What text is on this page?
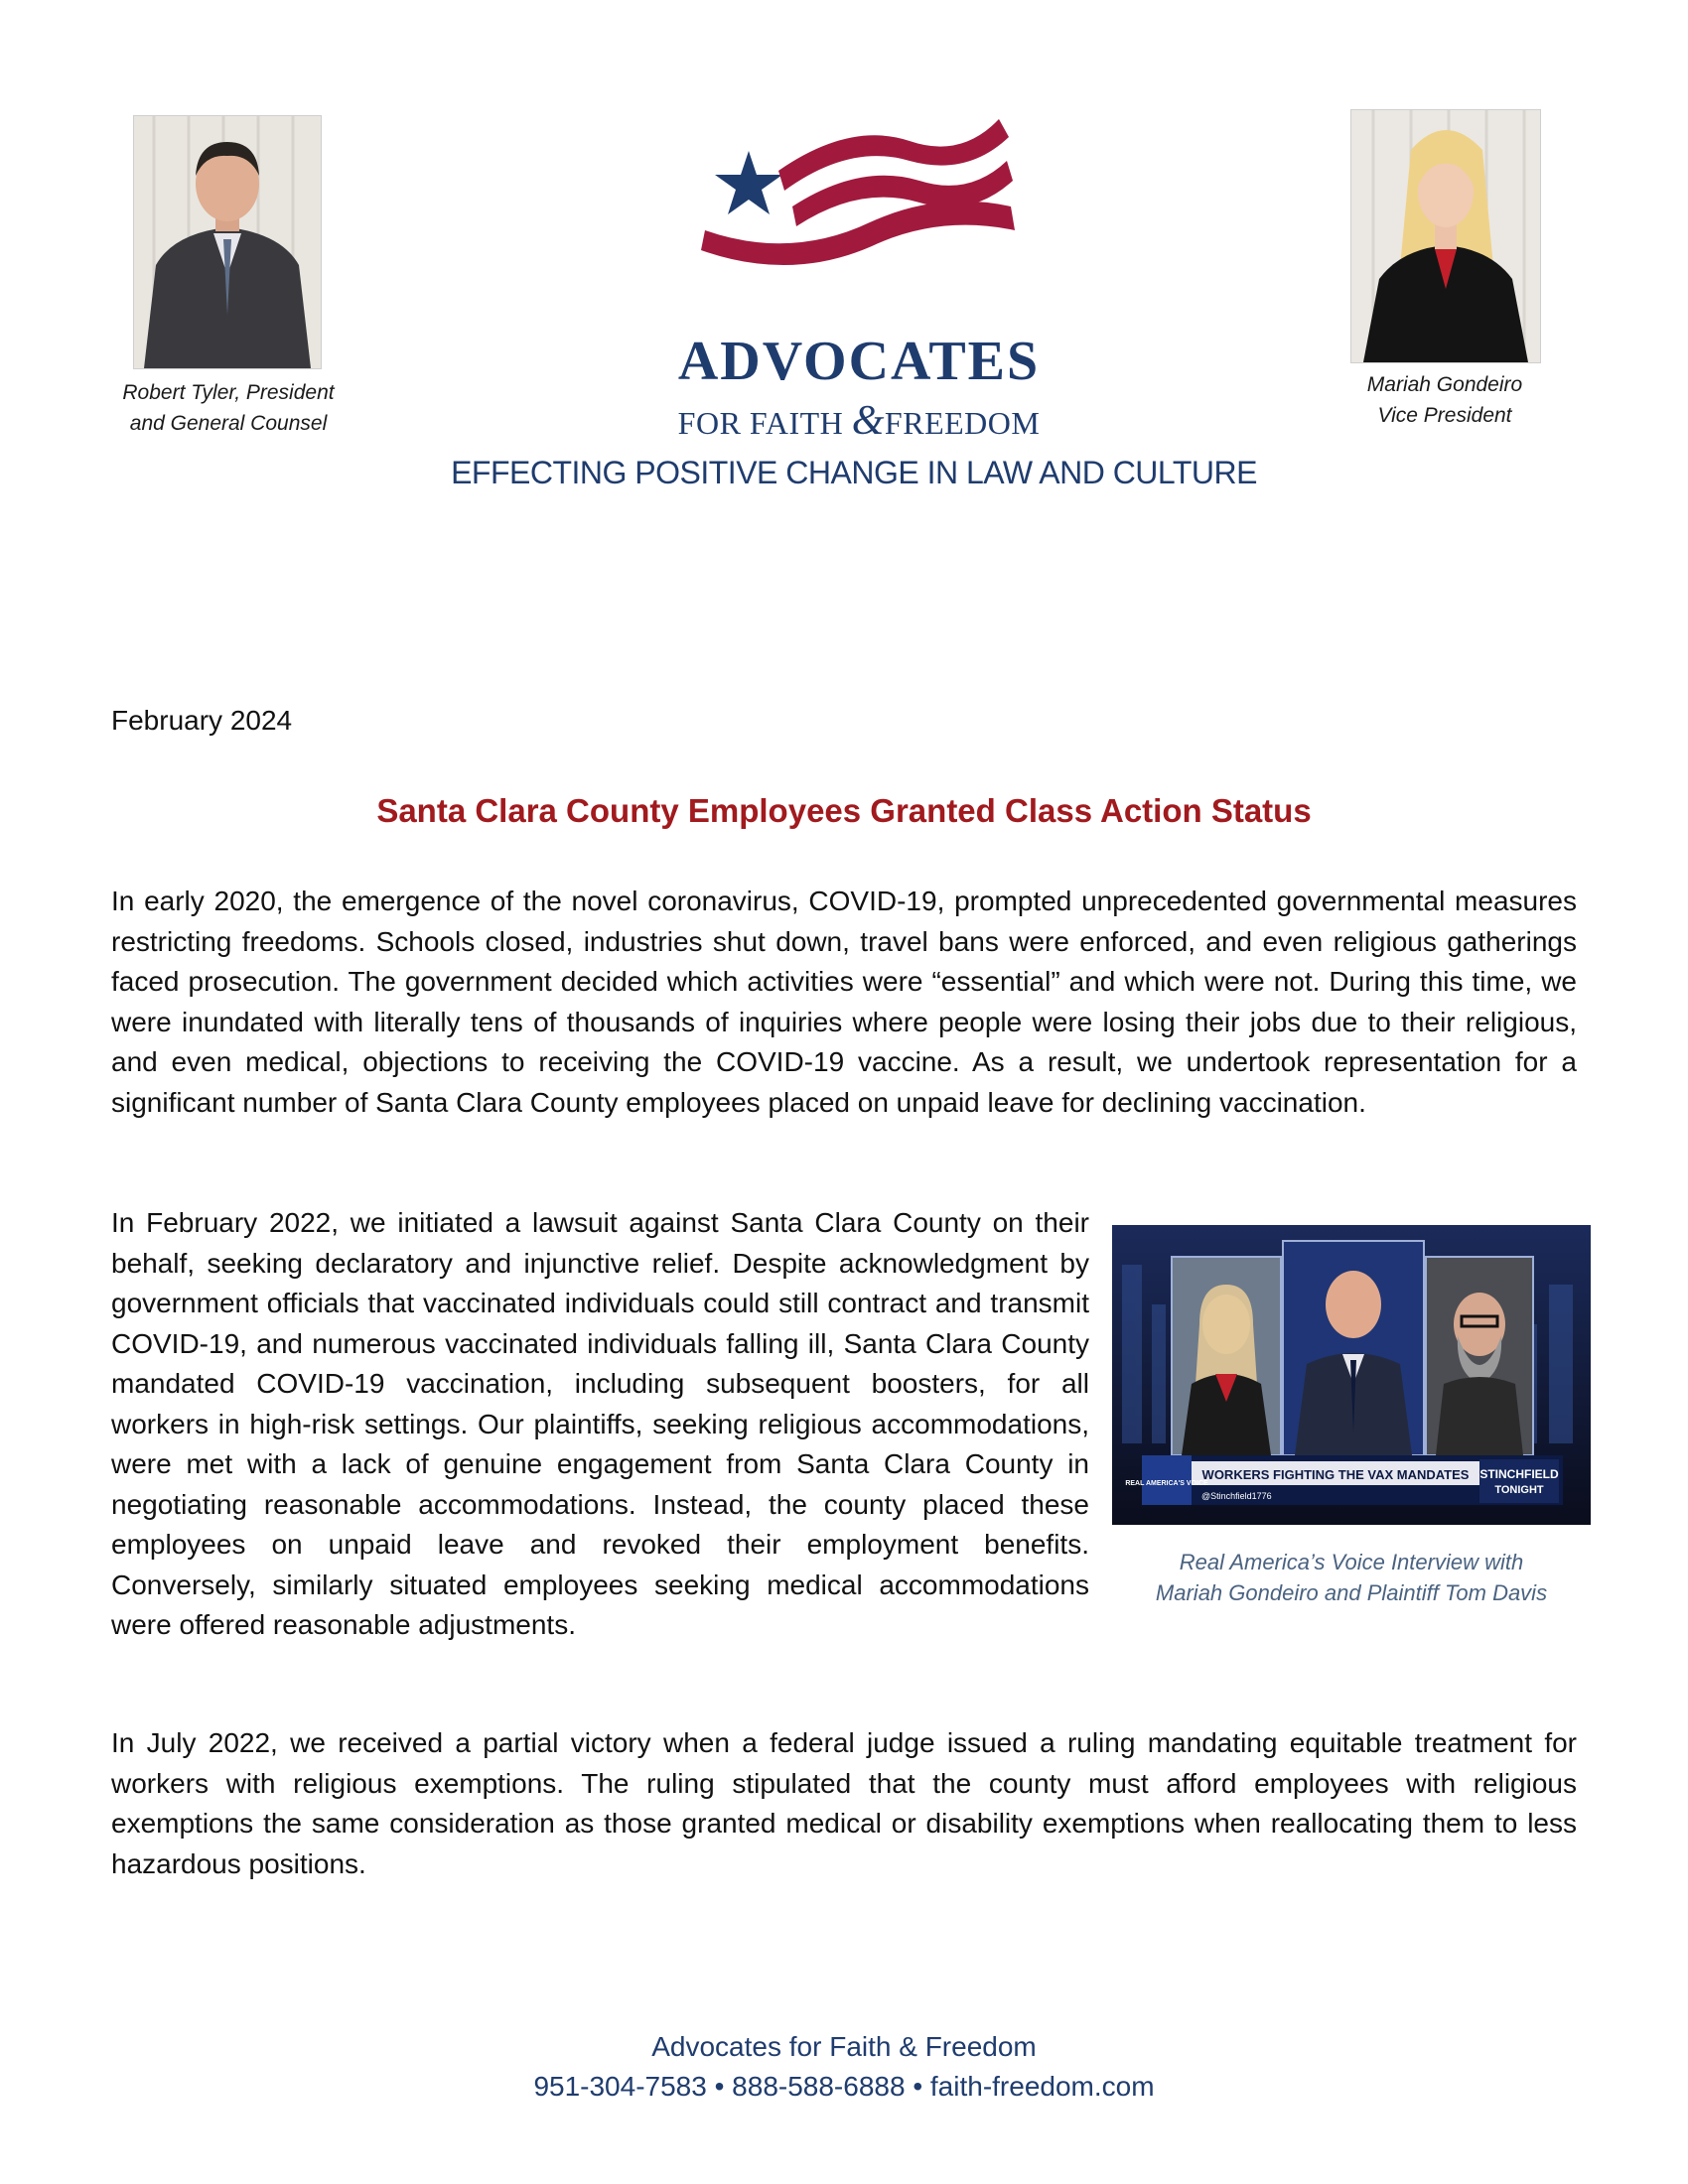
Robert Tyler, President
and General Counsel
ADVOCATES
FOR FAITH &FREEDOM
EFFECTING POSITIVE CHANGE IN LAW AND CULTURE
Mariah Gondeiro
Vice President
February 2024
Santa Clara County Employees Granted Class Action Status

In early 2020, the emergence of the novel coronavirus, COVID-19, prompted unprecedented governmental measures restricting freedoms. Schools closed, industries shut down, travel bans were enforced, and even religious gatherings faced prosecution. The government decided which activities were “essential” and which were not. During this time, we were inundated with literally tens of thousands of inquiries where people were losing their jobs due to their religious, and even medical, objections to receiving the COVID-19 vaccine. As a result, we undertook representation for a significant number of Santa Clara County employees placed on unpaid leave for declining vaccination.

In February 2022, we initiated a lawsuit against Santa Clara County on their behalf, seeking declaratory and injunctive relief. Despite acknowledgment by government officials that vaccinated individuals could still contract and transmit COVID-19, and numerous vaccinated individuals falling ill, Santa Clara County mandated COVID-19 vaccination, including subsequent boosters, for all workers in high-risk settings. Our plaintiffs, seeking religious accommodations, were met with a lack of genuine engagement from Santa Clara County in negotiating reasonable accommodations. Instead, the county placed these employees on unpaid leave and revoked their employment benefits. Conversely, similarly situated employees seeking medical accommodations were offered reasonable adjustments.

REAL AMERICA'S VOICE
WORKERS FIGHTING THE VAX MANDATES
@Stinchfield1776
STINCHFIELD
TONIGHT
Real America’s Voice Interview with
Mariah Gondeiro and Plaintiff Tom Davis

In July 2022, we received a partial victory when a federal judge issued a ruling mandating equitable treatment for workers with religious exemptions. The ruling stipulated that the county must afford employees with religious exemptions the same consideration as those granted medical or disability exemptions when reallocating them to less hazardous positions.

Advocates for Faith & Freedom
951-304-7583 • 888-588-6888 • faith-freedom.com
